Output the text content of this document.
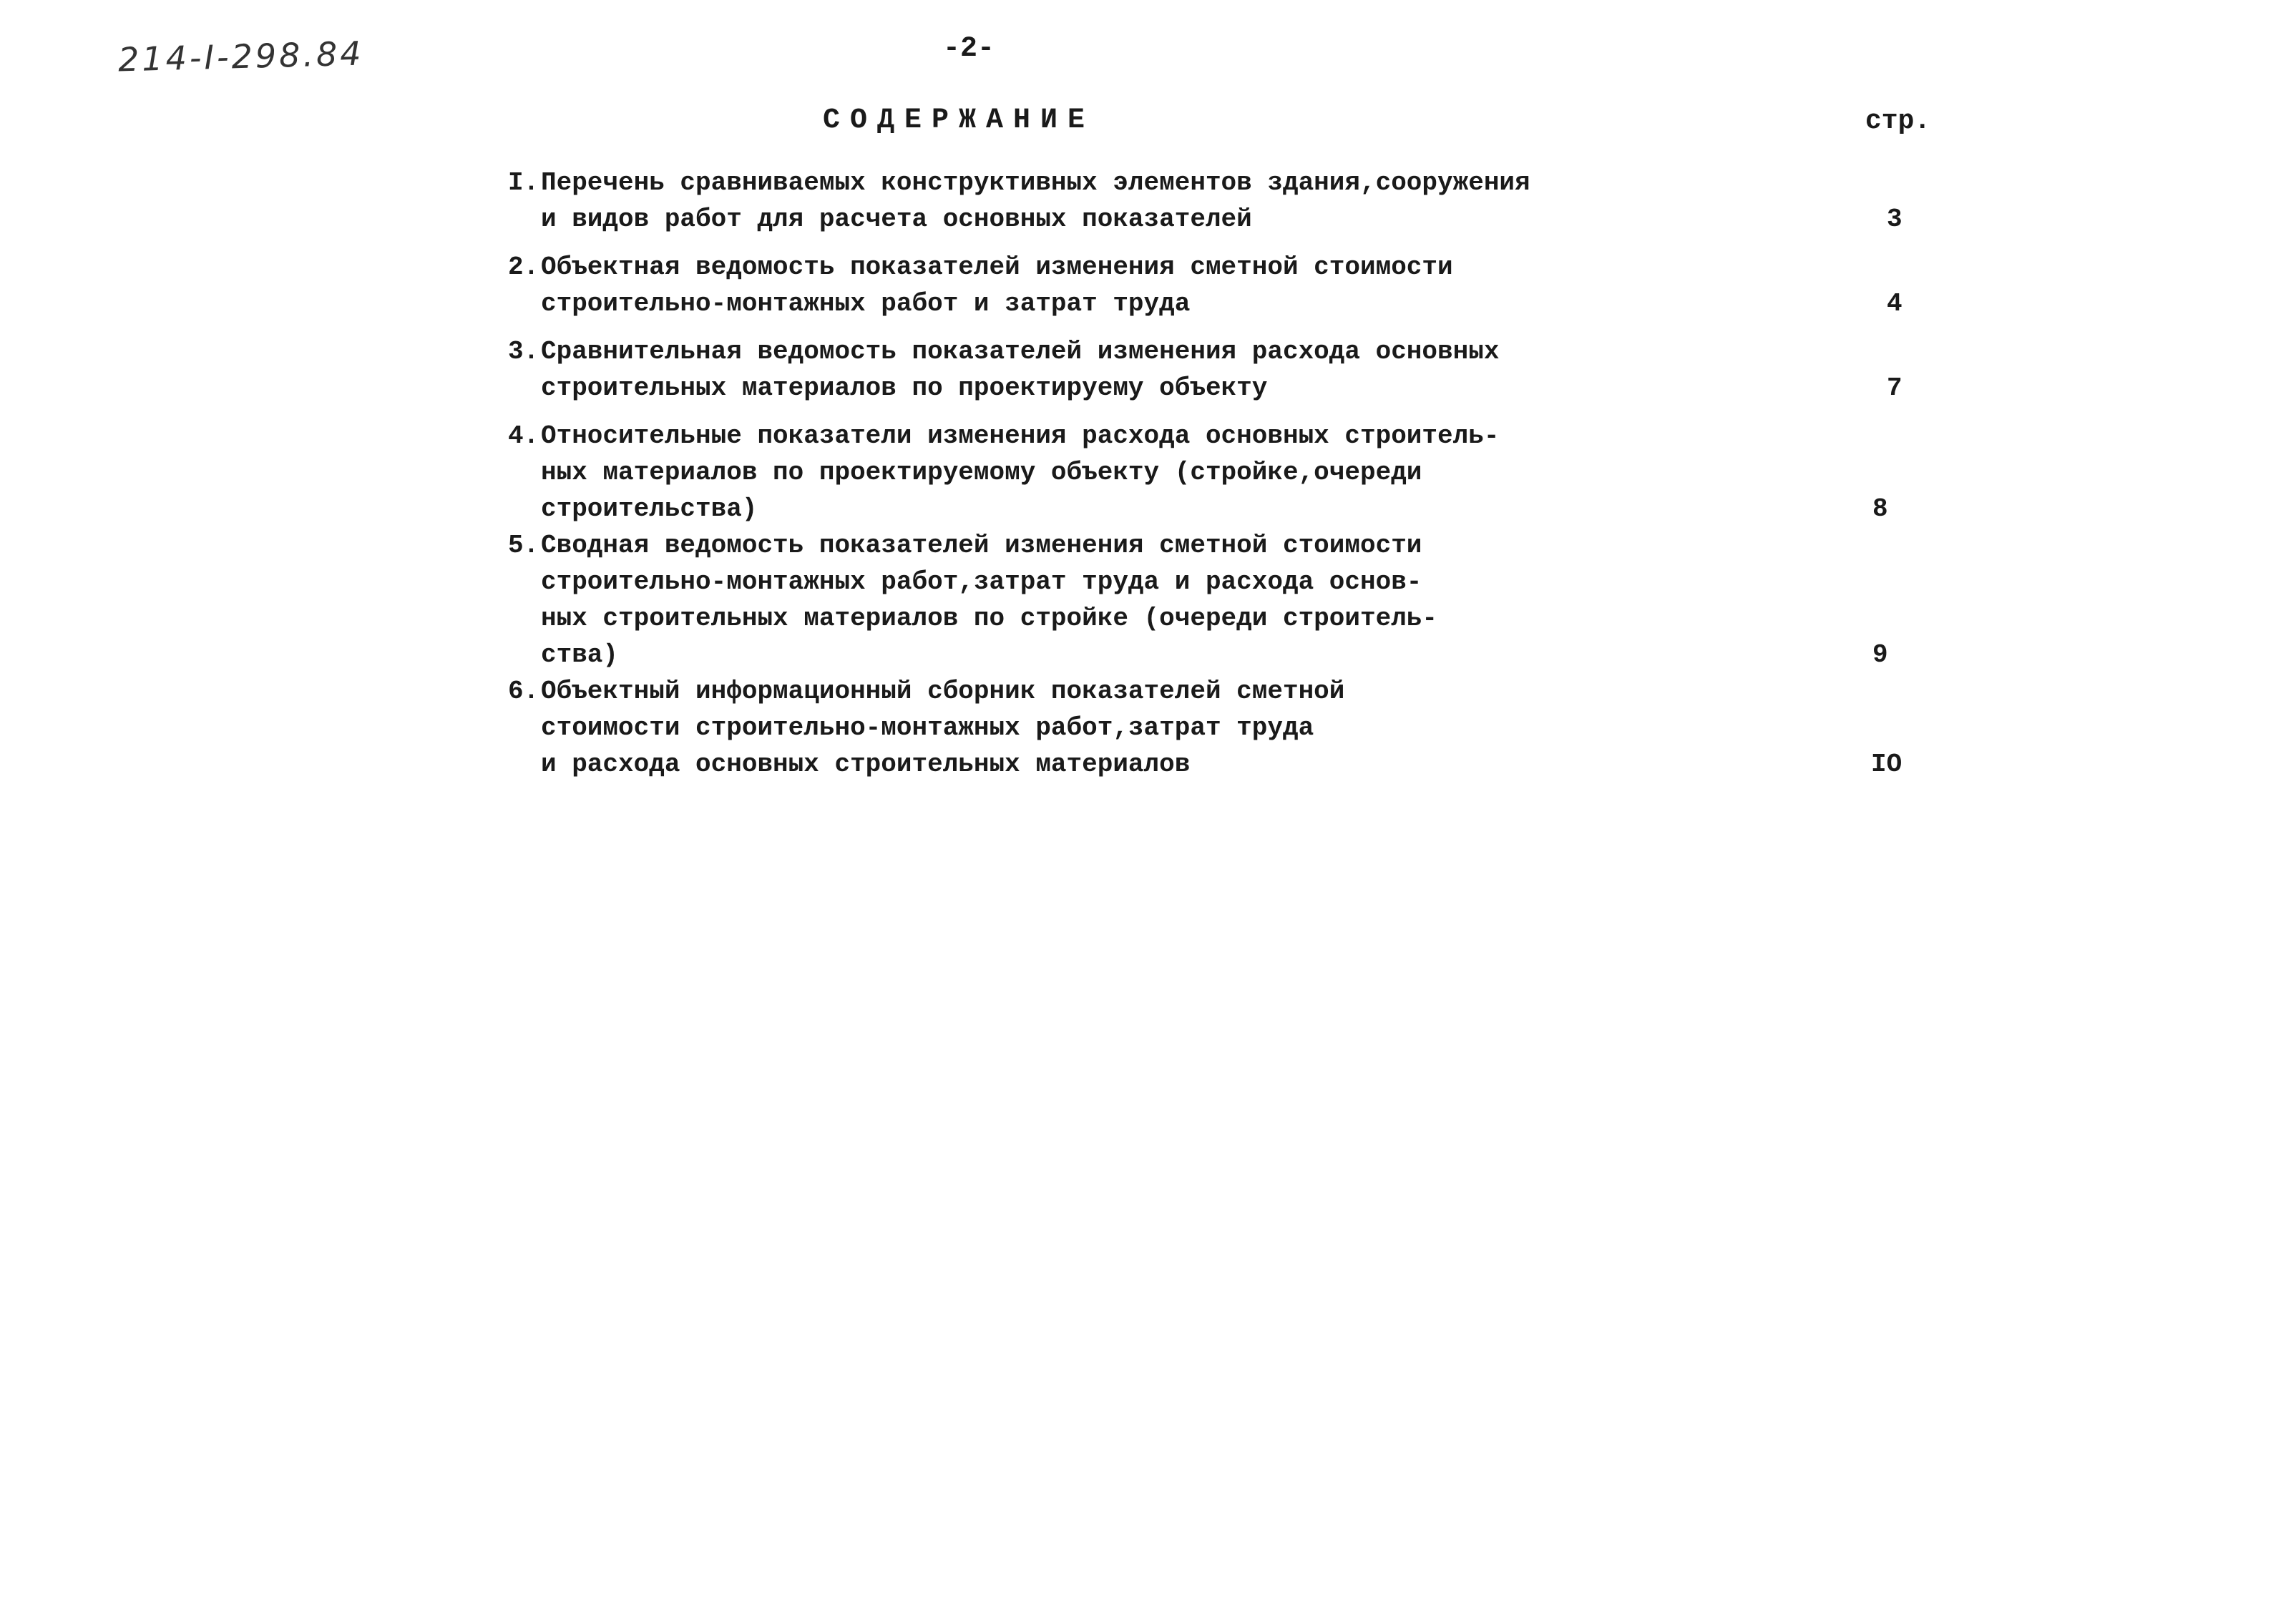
214-I-298.84	-2-
СОДЕРЖАНИЕ	стр.
I. Перечень сравниваемых конструктивных элементов здания,сооружения
и видов работ для расчета основных показателей	3
2. Объектная ведомость показателей изменения сметной стоимости
строительно-монтажных работ и затрат труда	4
3. Сравнительная ведомость показателей изменения расхода основных
строительных материалов по проектируему объекту	7
4. Относительные показатели изменения расхода основных строитель-
ных материалов по проектируемому объекту (стройке,очереди
строительства)	8
5. Сводная ведомость показателей изменения сметной стоимости
строительно-монтажных работ,затрат труда и расхода основ-
ных строительных материалов по стройке (очереди строитель-
ства)	9
6. Объектный информационный сборник показателей сметной
стоимости строительно-монтажных работ,затрат труда
и расхода основных строительных материалов	IO
